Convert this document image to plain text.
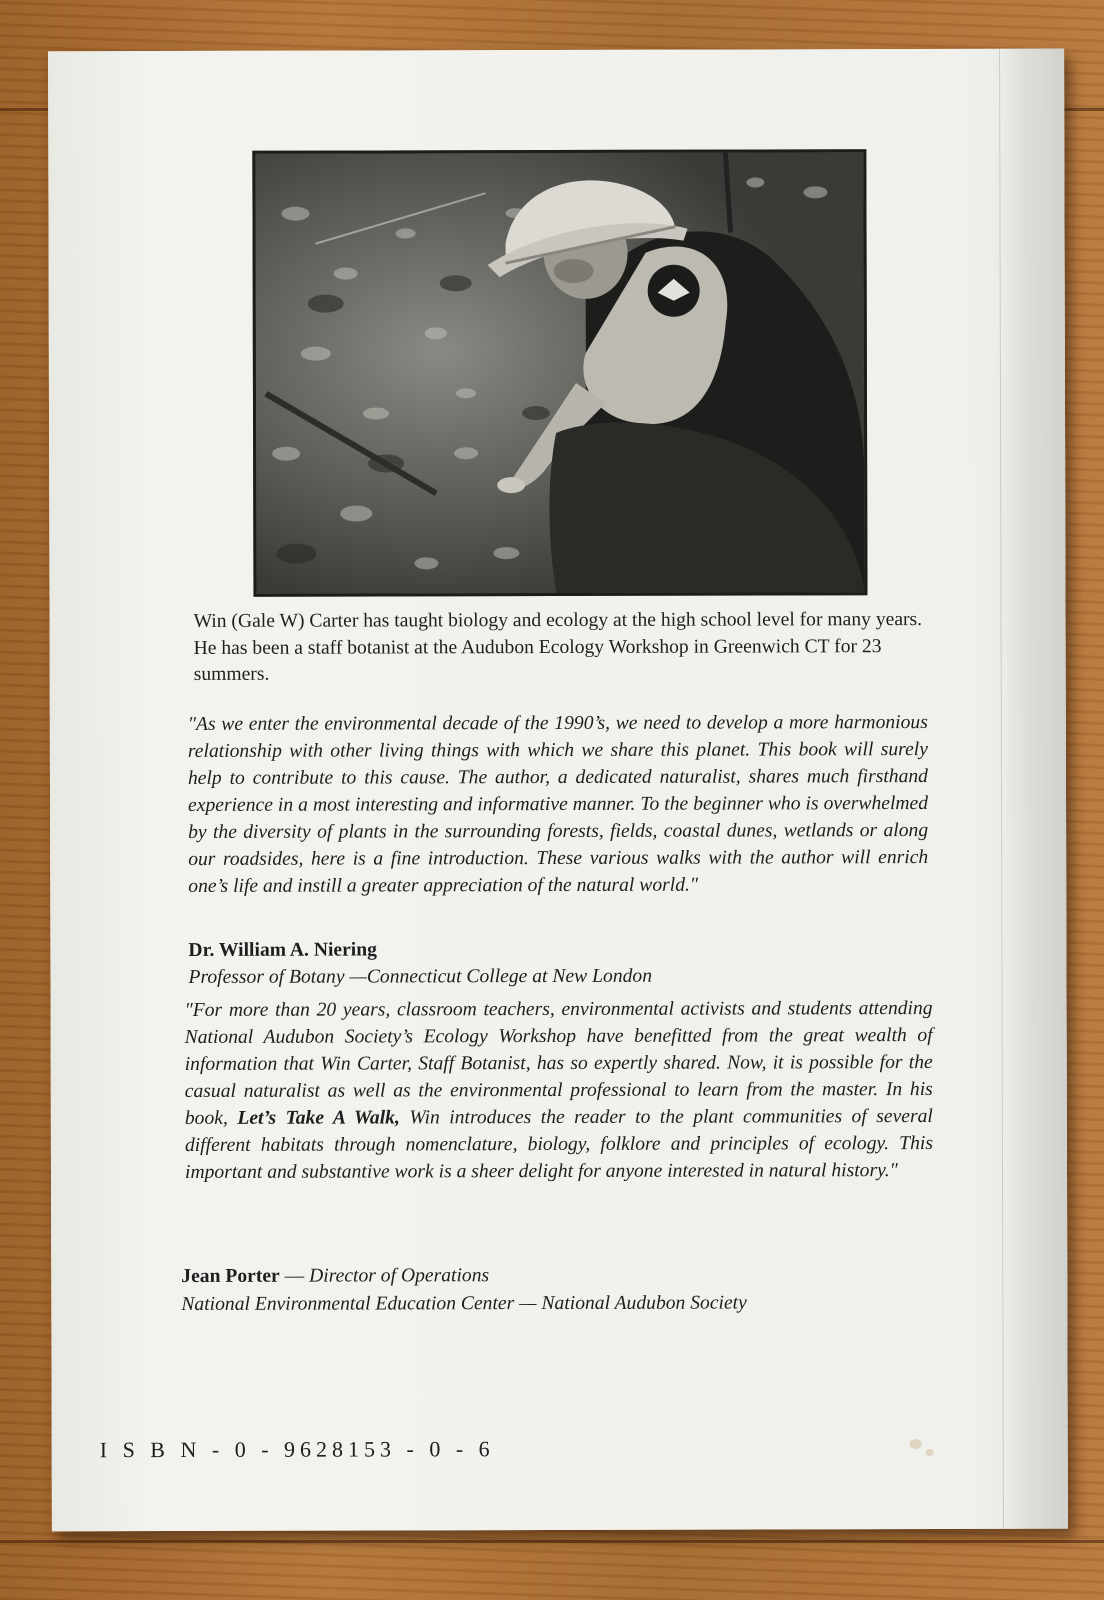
Win (Gale W) Carter has taught biology and ecology at the high school level for many years. He has been a staff botanist at the Audubon Ecology Workshop in Greenwich CT for 23 summers.
″As we enter the environmental decade of the 1990’s, we need to develop a more harmonious relationship with other living things with which we share this planet. This book will surely help to contribute to this cause. The author, a dedicated naturalist, shares much firsthand experience in a most interesting and informative manner. To the beginner who is overwhelmed by the diversity of plants in the surrounding forests, fields, coastal dunes, wetlands or along our roadsides, here is a fine introduction. These various walks with the author will enrich one’s life and instill a greater appreciation of the natural world.″
Dr. William A. Niering
Professor of Botany —Connecticut College at New London
″For more than 20 years, classroom teachers, environmental activists and students attending National Audubon Society’s Ecology Workshop have benefitted from the great wealth of information that Win Carter, Staff Botanist, has so expertly shared. Now, it is possible for the casual naturalist as well as the environmental professional to learn from the master. In his book, Let’s Take A Walk, Win introduces the reader to the plant communities of several different habitats through nomenclature, biology, folklore and principles of ecology. This important and substantive work is a sheer delight for anyone interested in natural history.″
Jean Porter — Director of Operations
National Environmental Education Center — National Audubon Society
I S B N - 0 - 9628153 - 0 - 6
